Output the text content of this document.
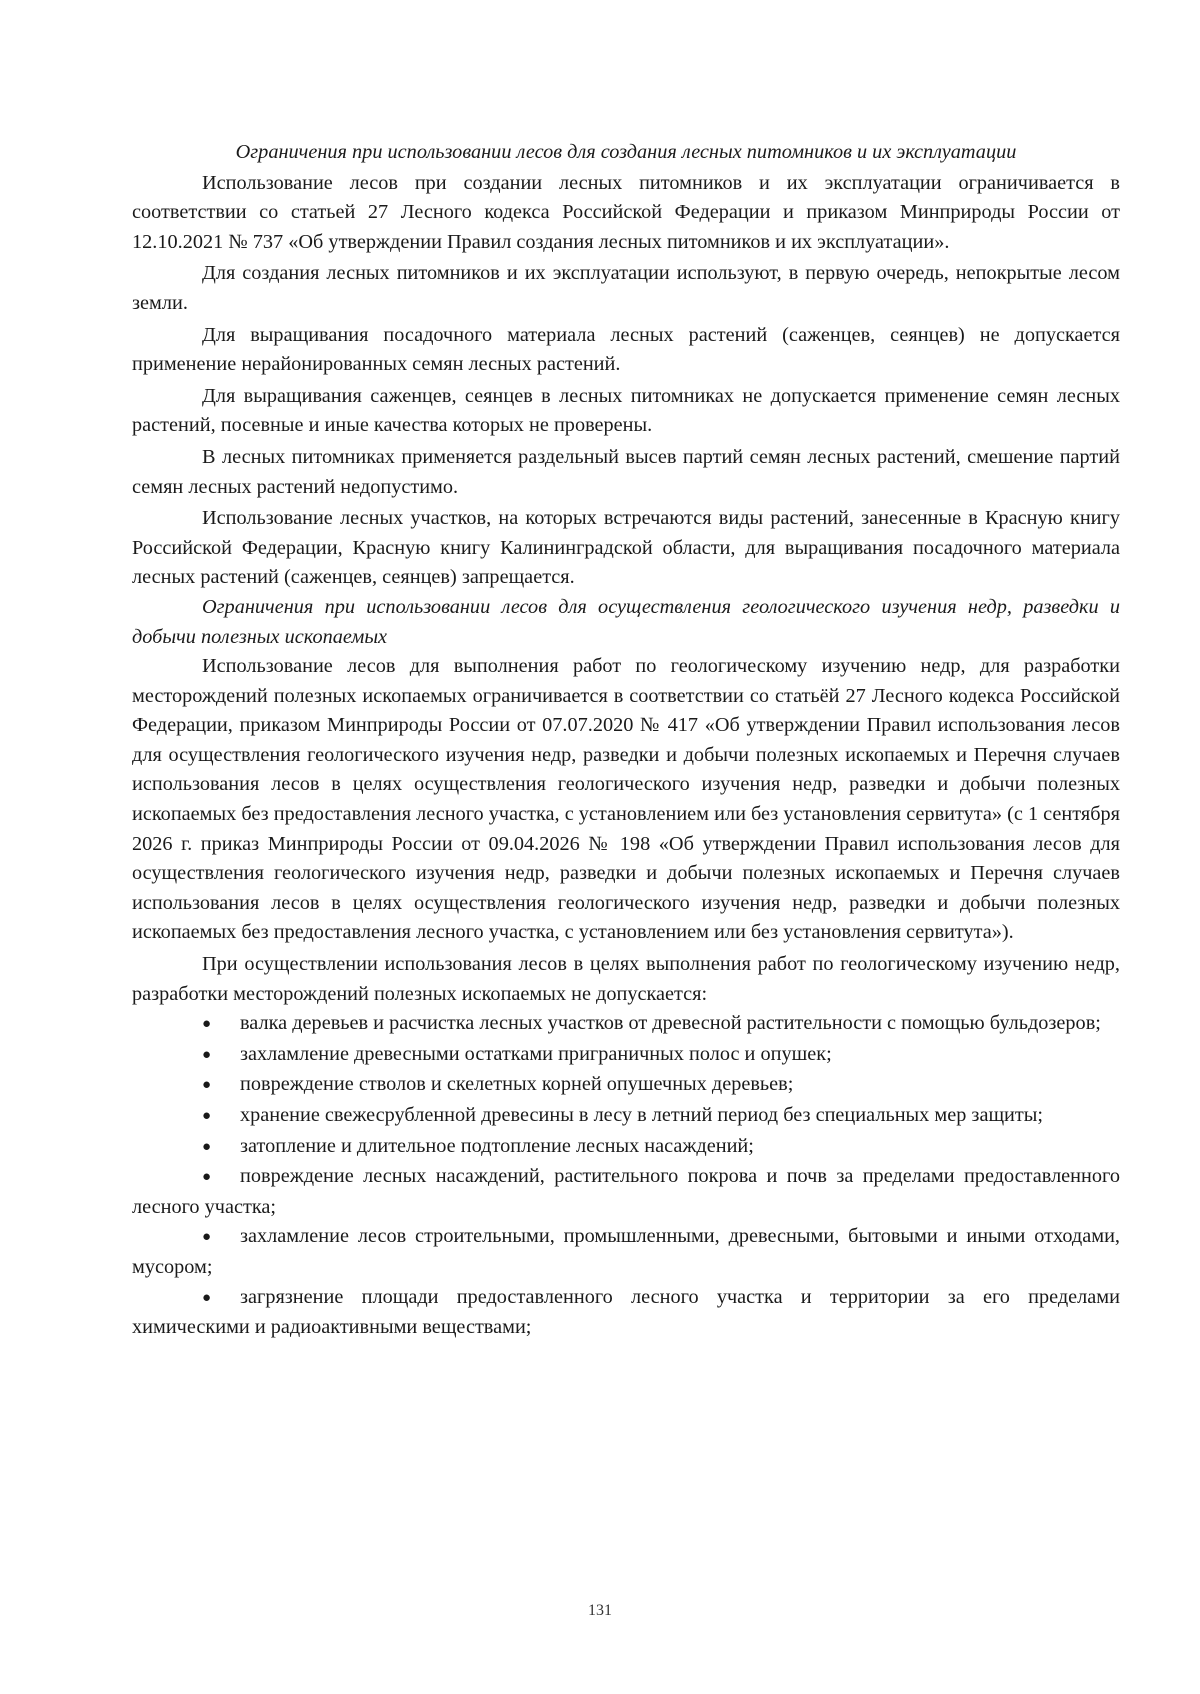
Ограничения при использовании лесов для создания лесных питомников и их эксплуатации

Использование лесов при создании лесных питомников и их эксплуатации ограничивается в соответствии со статьей 27 Лесного кодекса Российской Федерации и приказом Минприроды России от 12.10.2021 № 737 «Об утверждении Правил создания лесных питомников и их эксплуатации».

Для создания лесных питомников и их эксплуатации используют, в первую очередь, непокрытые лесом земли.

Для выращивания посадочного материала лесных растений (саженцев, сеянцев) не допускается применение нерайонированных семян лесных растений.

Для выращивания саженцев, сеянцев в лесных питомниках не допускается применение семян лесных растений, посевные и иные качества которых не проверены.

В лесных питомниках применяется раздельный высев партий семян лесных растений, смешение партий семян лесных растений недопустимо.

Использование лесных участков, на которых встречаются виды растений, занесенные в Красную книгу Российской Федерации, Красную книгу Калининградской области, для выращивания посадочного материала лесных растений (саженцев, сеянцев) запрещается.

Ограничения при использовании лесов для осуществления геологического изучения недр, разведки и добычи полезных ископаемых

Использование лесов для выполнения работ по геологическому изучению недр, для разработки месторождений полезных ископаемых ограничивается в соответствии со статьёй 27 Лесного кодекса Российской Федерации, приказом Минприроды России от 07.07.2020 № 417 «Об утверждении Правил использования лесов для осуществления геологического изучения недр, разведки и добычи полезных ископаемых и Перечня случаев использования лесов в целях осуществления геологического изучения недр, разведки и добычи полезных ископаемых без предоставления лесного участка, с установлением или без установления сервитута» (с 1 сентября 2026 г. приказ Минприроды России от 09.04.2026 № 198 «Об утверждении Правил использования лесов для осуществления геологического изучения недр, разведки и добычи полезных ископаемых и Перечня случаев использования лесов в целях осуществления геологического изучения недр, разведки и добычи полезных ископаемых без предоставления лесного участка, с установлением или без установления сервитута»).

При осуществлении использования лесов в целях выполнения работ по геологическому изучению недр, разработки месторождений полезных ископаемых не допускается:

● валка деревьев и расчистка лесных участков от древесной растительности с помощью бульдозеров;
● захламление древесными остатками приграничных полос и опушек;
● повреждение стволов и скелетных корней опушечных деревьев;
● хранение свежесрубленной древесины в лесу в летний период без специальных мер защиты;
● затопление и длительное подтопление лесных насаждений;
● повреждение лесных насаждений, растительного покрова и почв за пределами предоставленного лесного участка;
● захламление лесов строительными, промышленными, древесными, бытовыми и иными отходами, мусором;
● загрязнение площади предоставленного лесного участка и территории за его пределами химическими и радиоактивными веществами;
131
